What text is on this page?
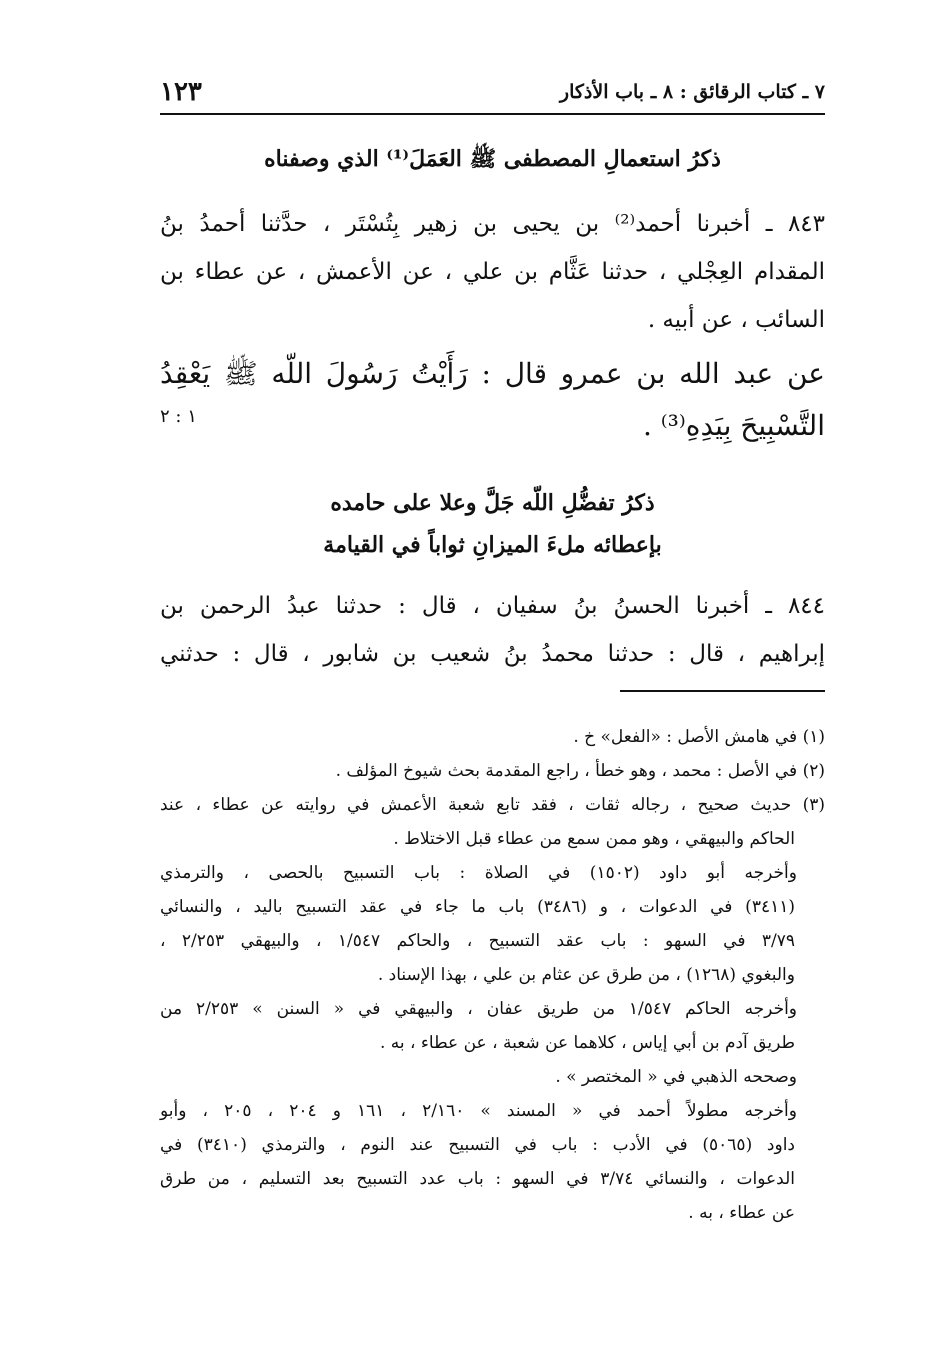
١٢٣	٧ ـ كتاب الرقائق : ٨ ـ باب الأذكار
ذكرُ استعمالِ المصطفى ﷺ العَمَلَ⁽¹⁾ الذي وصفناه
٨٤٣ ـ أخبرنا أحمد⁽²⁾ بن يحيى بن زهير بِتُسْتَر ، حدَّثنا أحمدُ بنُ
المقدام العِجْلي ، حدثنا عَثَّام بن علي ، عن الأعمش ، عن عطاء بن
السائب ، عن أبيه .
عن عبد الله بن عمرو قال : رَأَيْتُ رَسُولَ اللّه ﷺ يَعْقِدُ
التَّسْبِيحَ بِيَدِهِ⁽³⁾ .
١ : ٢
ذكرُ تفضُّلِ اللّه جَلَّ وعلا على حامده
بإعطائه ملءَ الميزانِ ثواباً في القيامة
٨٤٤ ـ أخبرنا الحسنُ بنُ سفيان ، قال : حدثنا عبدُ الرحمن بن
إبراهيم ، قال : حدثنا محمدُ بنُ شعيب بن شابور ، قال : حدثني
(١) في هامش الأصل : «الفعل» خ .
(٢) في الأصل : محمد ، وهو خطأ ، راجع المقدمة بحث شيوخ المؤلف .
(٣) حديث صحيح ، رجاله ثقات ، فقد تابع شعبة الأعمش في روايته عن عطاء ، عند
الحاكم والبيهقي ، وهو ممن سمع من عطاء قبل الاختلاط .
وأخرجه أبو داود (١٥٠٢) في الصلاة : باب التسبيح بالحصى ، والترمذي
(٣٤١١) في الدعوات ، و (٣٤٨٦) باب ما جاء في عقد التسبيح باليد ، والنسائي
٣/٧٩ في السهو : باب عقد التسبيح ، والحاكم ١/٥٤٧ ، والبيهقي ٢/٢٥٣ ،
والبغوي (١٢٦٨) ، من طرق عن عثام بن علي ، بهذا الإسناد .
وأخرجه الحاكم ١/٥٤٧ من طريق عفان ، والبيهقي في « السنن » ٢/٢٥٣ من
طريق آدم بن أبي إياس ، كلاهما عن شعبة ، عن عطاء ، به .
وصححه الذهبي في « المختصر » .
وأخرجه مطولاً أحمد في « المسند » ٢/١٦٠ ، ١٦١ و ٢٠٤ ، ٢٠٥ ، وأبو
داود (٥٠٦٥) في الأدب : باب في التسبيح عند النوم ، والترمذي (٣٤١٠) في
الدعوات ، والنسائي ٣/٧٤ في السهو : باب عدد التسبيح بعد التسليم ، من طرق
عن عطاء ، به .
